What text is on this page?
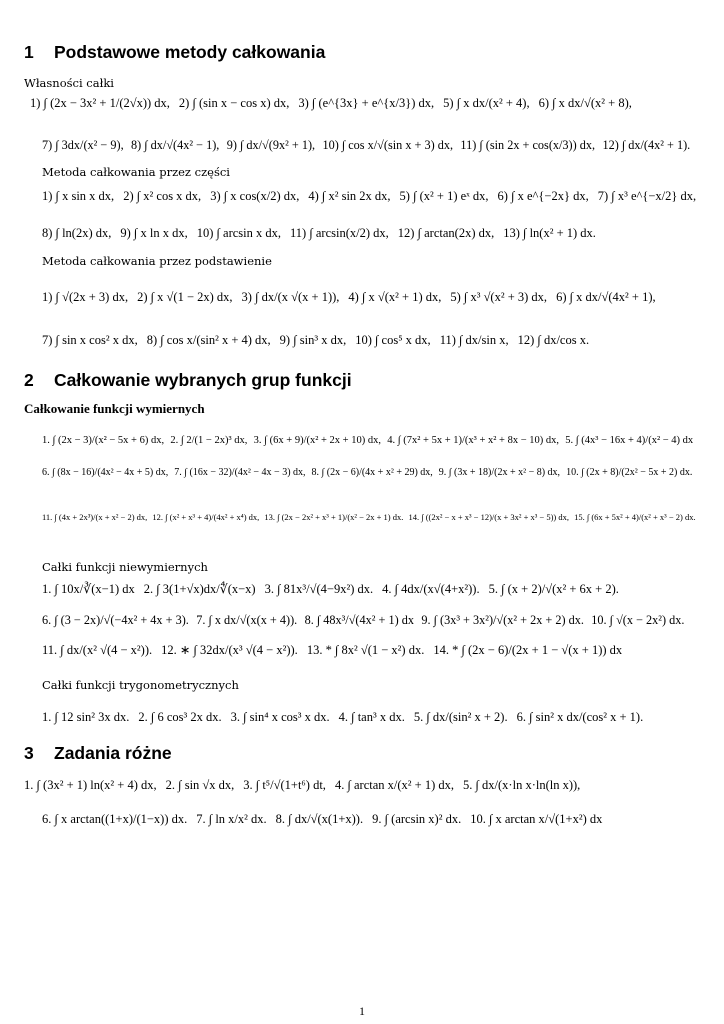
1 Podstawowe metody całkowania
Własności całki
1) ∫ (2x − 3x² + 1/(2√x)) dx, 2) ∫ (sin x − cos x) dx, 3) ∫ (e^{3x} + e^{x/3}) dx, 5) ∫ x dx/(x² + 4), 6) ∫ x dx/√(x² + 8),
7) ∫ 3dx/(x² − 9), 8) ∫ dx/√(4x² − 1), 9) ∫ dx/√(9x² + 1), 10) ∫ cos x/√(sin x + 3) dx, 11) ∫ (sin 2x + cos(x/3)) dx, 12) ∫ dx/(4x² + 1).
Metoda całkowania przez części
1) ∫ x sin x dx, 2) ∫ x² cos x dx, 3) ∫ x cos(x/2) dx, 4) ∫ x² sin 2x dx, 5) ∫ (x² + 1) eˣ dx, 6) ∫ x e^{−2x} dx, 7) ∫ x³ e^{−x/2} dx,
8) ∫ ln(2x) dx, 9) ∫ x ln x dx, 10) ∫ arcsin x dx, 11) ∫ arcsin(x/2) dx, 12) ∫ arctan(2x) dx, 13) ∫ ln(x² + 1) dx.
Metoda całkowania przez podstawienie
1) ∫ √(2x + 3) dx, 2) ∫ x √(1 − 2x) dx, 3) ∫ dx/(x √(x + 1)), 4) ∫ x √(x² + 1) dx, 5) ∫ x³ √(x² + 3) dx, 6) ∫ x dx/√(4x² + 1),
7) ∫ sin x cos² x dx, 8) ∫ cos x/(sin² x + 4) dx, 9) ∫ sin³ x dx, 10) ∫ cos⁵ x dx, 11) ∫ dx/sin x, 12) ∫ dx/cos x.
2 Całkowanie wybranych grup funkcji
Całkowanie funkcji wymiernych
1. ∫ (2x − 3)/(x² − 5x + 6) dx, 2. ∫ 2/(1 − 2x)³ dx, 3. ∫ (6x + 9)/(x² + 2x + 10) dx, 4. ∫ (7x² + 5x + 1)/(x³ + x² + 8x − 10) dx, 5. ∫ (4x³ − 16x + 4)/(x² − 4) dx
6. ∫ (8x − 16)/(4x² − 4x + 5) dx, 7. ∫ (16x − 32)/(4x² − 4x − 3) dx, 8. ∫ (2x − 6)/(4x + x² + 29) dx, 9. ∫ (3x + 18)/(2x + x² − 8) dx, 10. ∫ (2x + 8)/(2x² − 5x + 2) dx.
11. ∫ (4x + 2x³)/(x + x² − 2) dx, 12. ∫ (x² + x³ + 4)/(4x² + x⁴) dx, 13. ∫ (2x − 2x² + x³ + 1)/(x² − 2x + 1) dx. 14. ∫ ((2x² − x + x³ − 12)/(x + 3x² + x³ − 5)) dx, 15. ∫ (6x + 5x² + 4)/(x² + x³ − 2) dx.
Całki funkcji niewymiernych
1. ∫ 10x/∛(x−1) dx 2. ∫ 3(1+√x)dx/∜(x−x) 3. ∫ 81x³/√(4−9x²) dx. 4. ∫ 4dx/(x√(4+x²)). 5. ∫ (x + 2)/√(x² + 6x + 2).
6. ∫ (3 − 2x)/√(−4x² + 4x + 3). 7. ∫ x dx/√(x(x + 4)). 8. ∫ 48x³/√(4x² + 1) dx 9. ∫ (3x³ + 3x²)/√(x² + 2x + 2) dx. 10. ∫ √(x − 2x²) dx.
11. ∫ dx/(x² √(4 − x²)). 12. ∗ ∫ 32dx/(x³ √(4 − x²)). 13. * ∫ 8x² √(1 − x²) dx. 14. * ∫ (2x − 6)/(2x + 1 − √(x + 1)) dx
Całki funkcji trygonometrycznych
1. ∫ 12 sin² 3x dx. 2. ∫ 6 cos³ 2x dx. 3. ∫ sin⁴ x cos³ x dx. 4. ∫ tan³ x dx. 5. ∫ dx/(sin² x + 2). 6. ∫ sin² x dx/(cos² x + 1).
3 Zadania różne
1. ∫ (3x² + 1) ln(x² + 4) dx, 2. ∫ sin √x dx, 3. ∫ t⁵/√(1+t⁶) dt, 4. ∫ arctan x/(x² + 1) dx, 5. ∫ dx/(x·ln x·ln(ln x)),
6. ∫ x arctan((1+x)/(1−x)) dx. 7. ∫ ln x/x² dx. 8. ∫ dx/√(x(1+x)). 9. ∫ (arcsin x)² dx. 10. ∫ x arctan x/√(1+x²) dx
1
